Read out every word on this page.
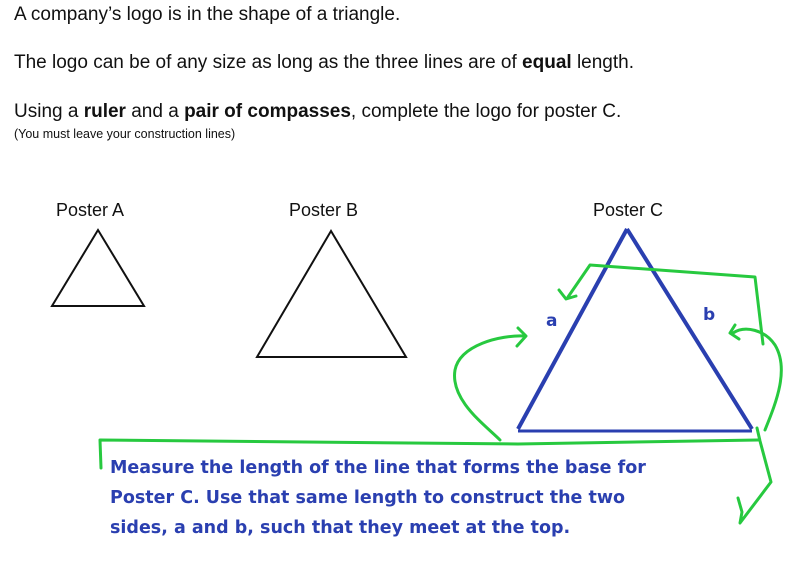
A company’s logo is in the shape of a triangle.
The logo can be of any size as long as the three lines are of equal length.
Using a ruler and a pair of compasses, complete the logo for poster C.
(You must leave your construction lines)
Poster A	Poster B	Poster C
a	b
Measure the length of the line that forms the base for
Poster C. Use that same length to construct the two
sides, a and b, such that they meet at the top.
